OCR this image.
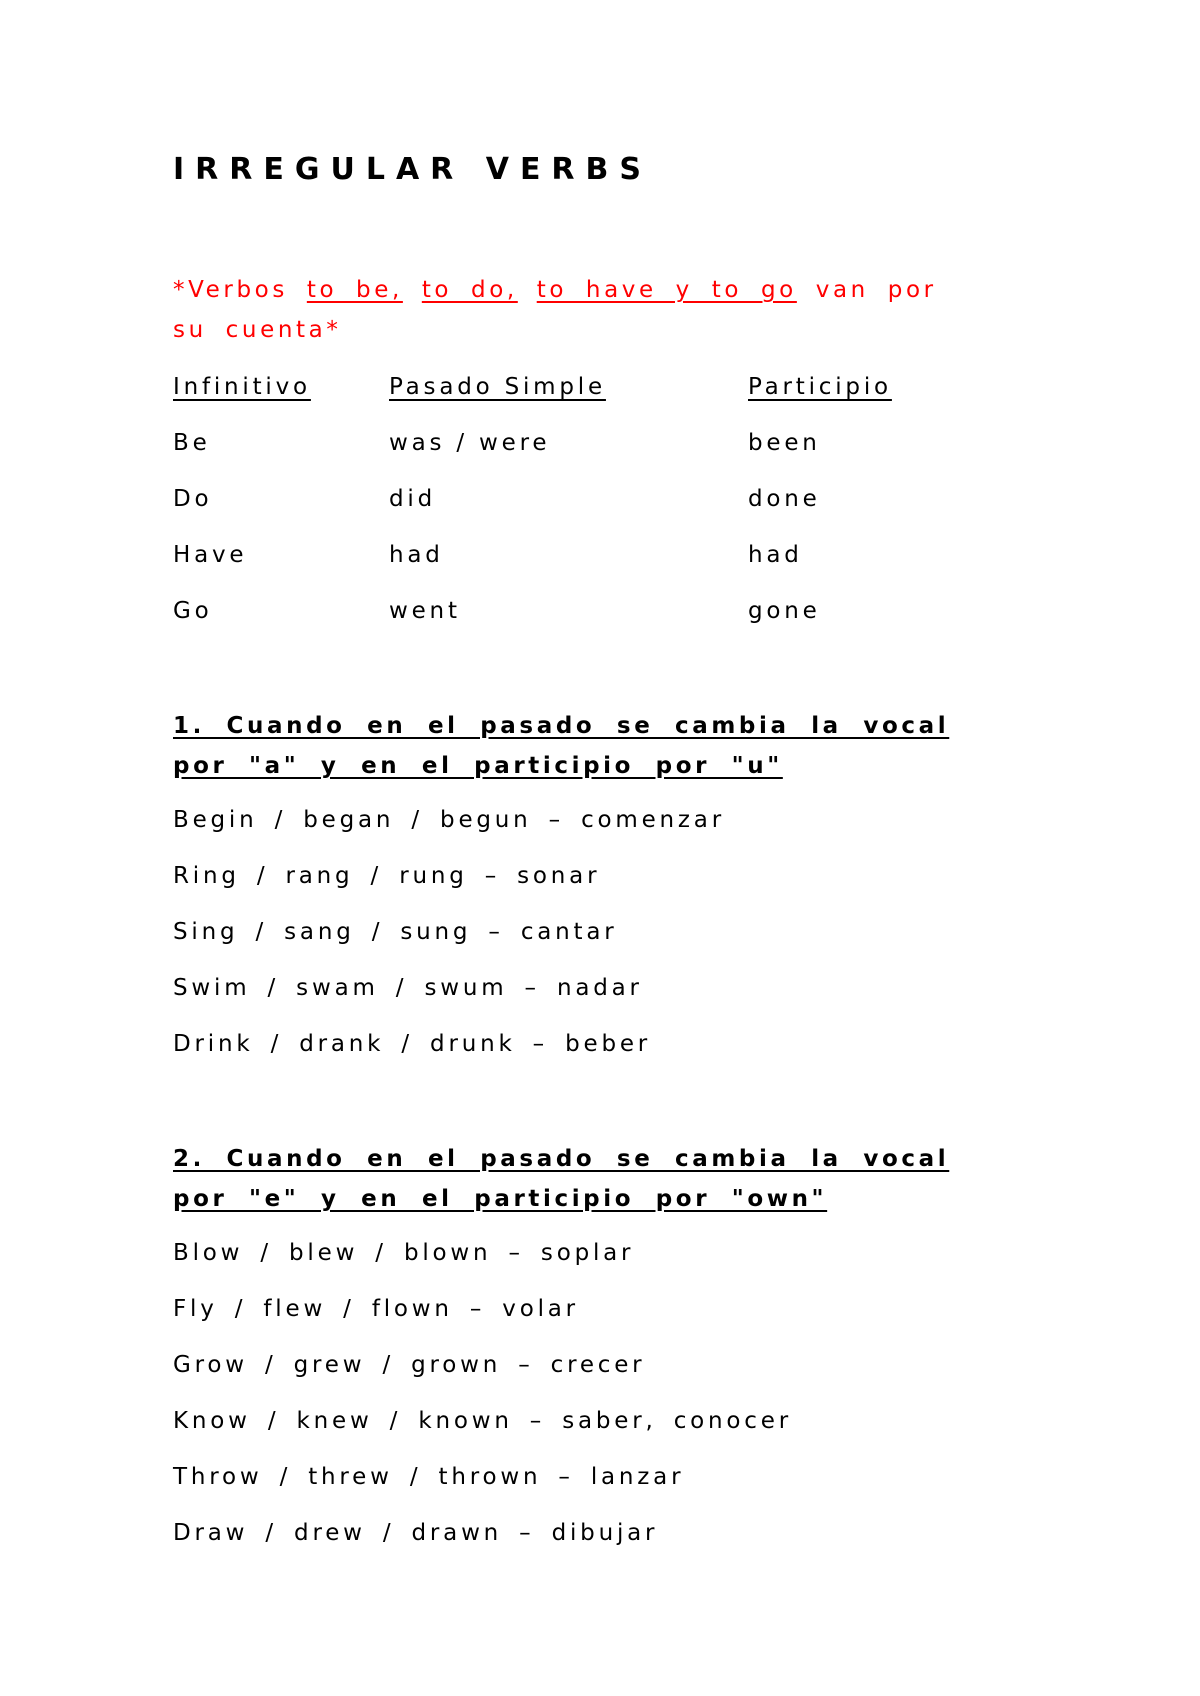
IRREGULAR VERBS

*Verbos to be, to do, to have y to go van por su cuenta*

Infinitivo	Pasado Simple	Participio
Be	was / were	been
Do	did	done
Have	had	had
Go	went	gone
1. Cuando en el pasado se cambia la vocal por "a" y en el participio por "u"

Begin / began / begun – comenzar

Ring / rang / rung – sonar

Sing / sang / sung – cantar

Swim / swam / swum – nadar

Drink / drank / drunk – beber

2. Cuando en el pasado se cambia la vocal por "e" y en el participio por "own"

Blow / blew / blown – soplar

Fly / flew / flown – volar

Grow / grew / grown – crecer

Know / knew / known – saber, conocer

Throw / threw / thrown – lanzar

Draw / drew / drawn – dibujar
